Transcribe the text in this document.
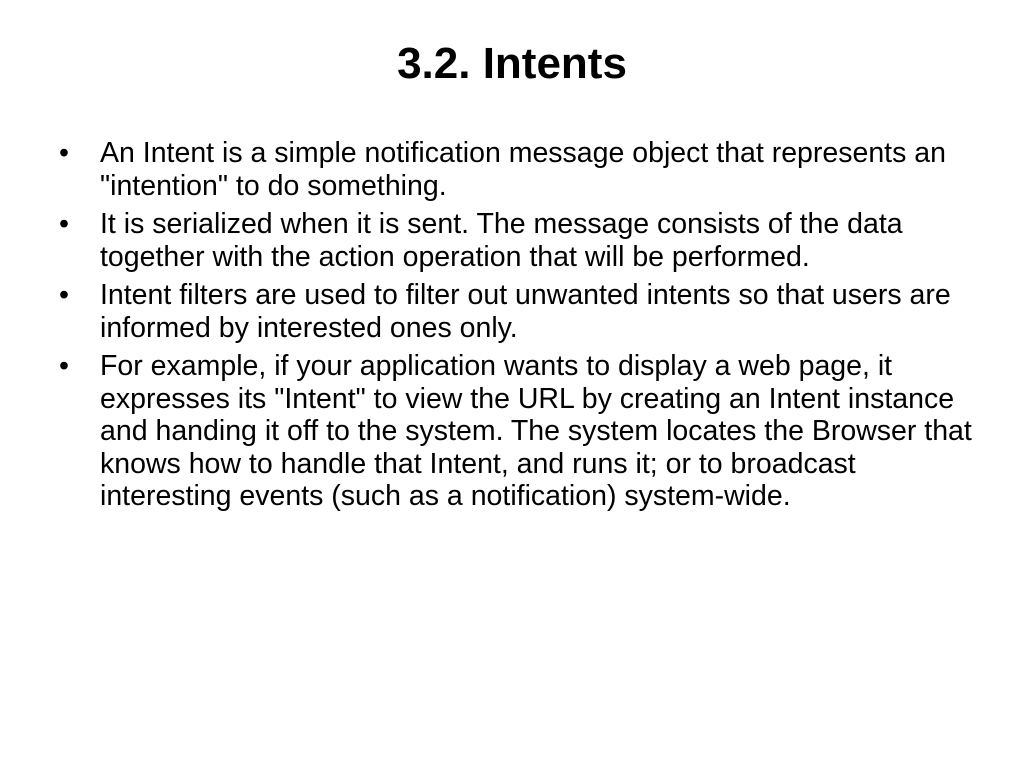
3.2. Intents
•	An Intent is a simple notification message object that represents an "intention" to do something.
•	It is serialized when it is sent. The message consists of the data together with the action operation that will be performed.
•	Intent filters are used to filter out unwanted intents so that users are informed by interested ones only.
•	For example, if your application wants to display a web page, it expresses its "Intent" to view the URL by creating an Intent instance and handing it off to the system. The system locates the Browser that knows how to handle that Intent, and runs it; or to broadcast interesting events (such as a notification) system-wide.
